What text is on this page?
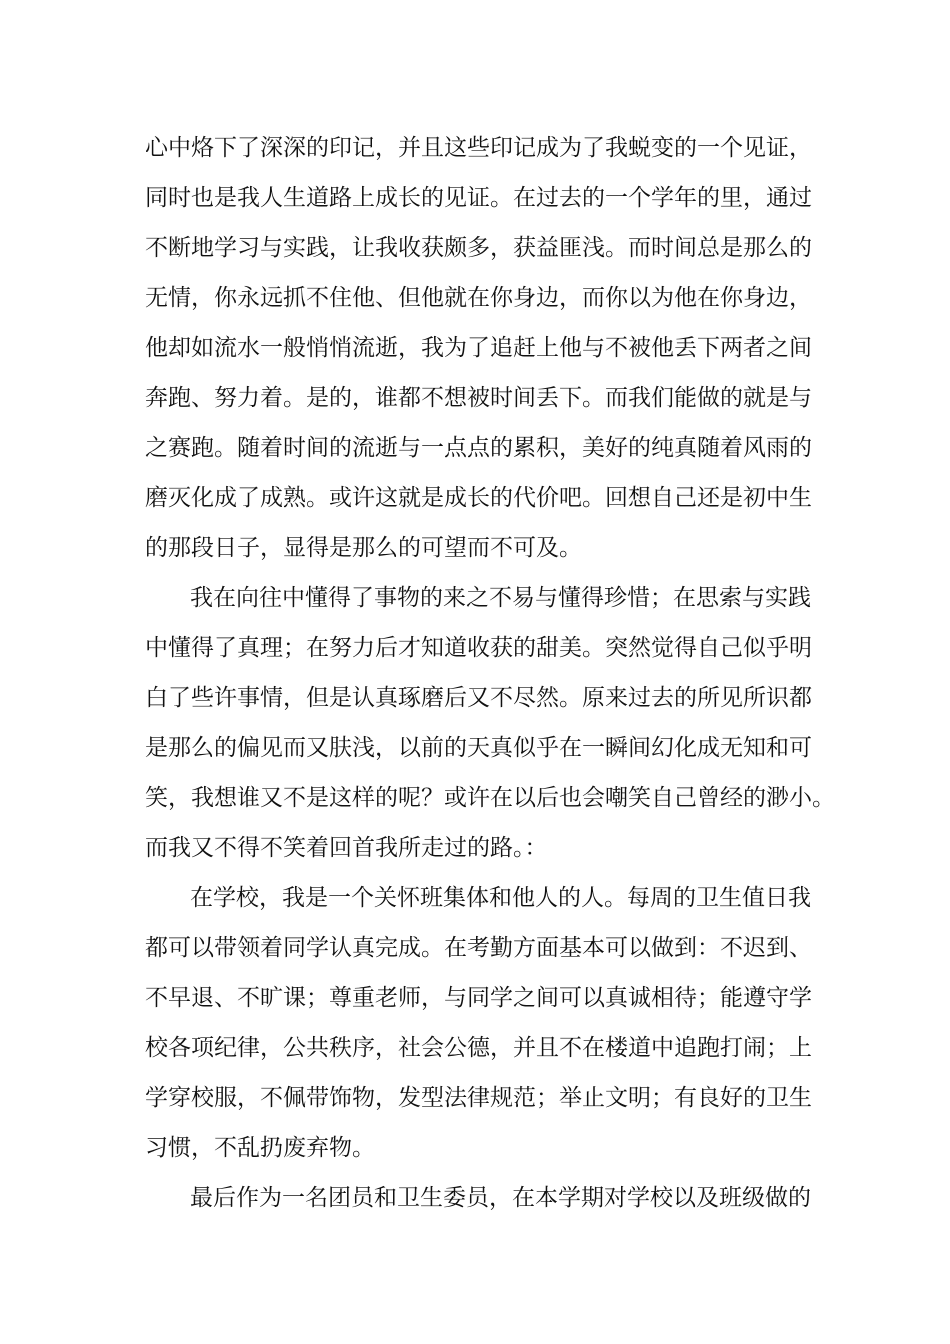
心中烙下了深深的印记，并且这些印记成为了我蜕变的一个见证，
同时也是我人生道路上成长的见证。在过去的一个学年的里，通过
不断地学习与实践，让我收获颇多，获益匪浅。而时间总是那么的
无情，你永远抓不住他、但他就在你身边，而你以为他在你身边，
他却如流水一般悄悄流逝，我为了追赶上他与不被他丢下两者之间
奔跑、努力着。是的，谁都不想被时间丢下。而我们能做的就是与
之赛跑。随着时间的流逝与一点点的累积，美好的纯真随着风雨的
磨灭化成了成熟。或许这就是成长的代价吧。回想自己还是初中生
的那段日子，显得是那么的可望而不可及。
我在向往中懂得了事物的来之不易与懂得珍惜；在思索与实践
中懂得了真理；在努力后才知道收获的甜美。突然觉得自己似乎明
白了些许事情，但是认真琢磨后又不尽然。原来过去的所见所识都
是那么的偏见而又肤浅，以前的天真似乎在一瞬间幻化成无知和可
笑，我想谁又不是这样的呢？或许在以后也会嘲笑自己曾经的渺小。
而我又不得不笑着回首我所走过的路。：
在学校，我是一个关怀班集体和他人的人。每周的卫生值日我
都可以带领着同学认真完成。在考勤方面基本可以做到：不迟到、
不早退、不旷课；尊重老师，与同学之间可以真诚相待；能遵守学
校各项纪律，公共秩序，社会公德，并且不在楼道中追跑打闹；上
学穿校服，不佩带饰物，发型法律规范；举止文明；有良好的卫生
习惯，不乱扔废弃物。
最后作为一名团员和卫生委员，在本学期对学校以及班级做的
